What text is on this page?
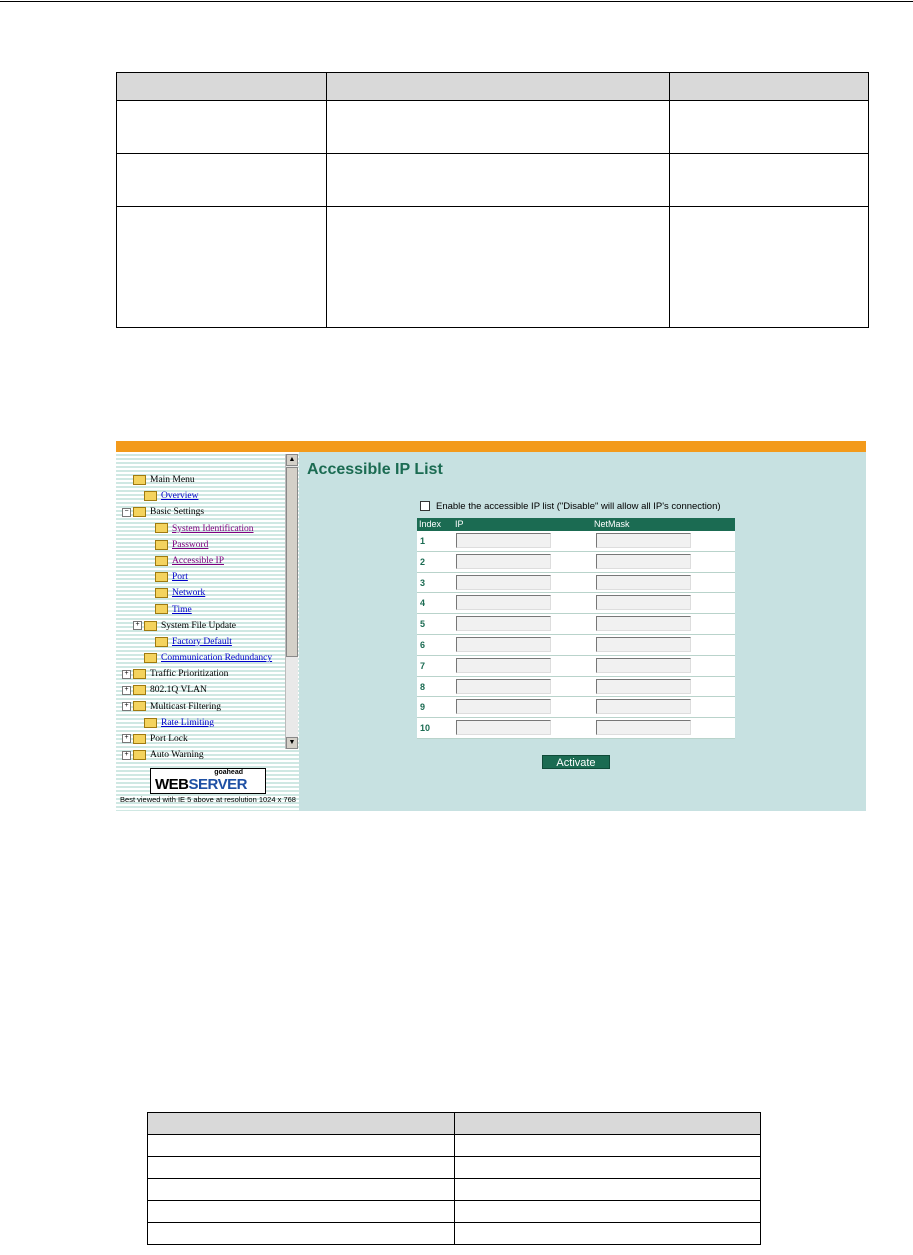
Main Menu
Overview
− Basic Settings
System Identification
Password
Accessible IP
Port
Network
Time
+ System File Update
Factory Default
Communication Redundancy
+ Traffic Prioritization
+ 802.1Q VLAN
+ Multicast Filtering
Rate Limiting
+ Port Lock
+ Auto Warning
goahead
WEBSERVER
Best viewed with IE 5 above at resolution 1024 x 768
▲
▼
Accessible IP List
Enable the accessible IP list ("Disable" will allow all IP's connection)
Index IP	NetMask
1
2
3
4
5
6
7
8
9
10
Activate
